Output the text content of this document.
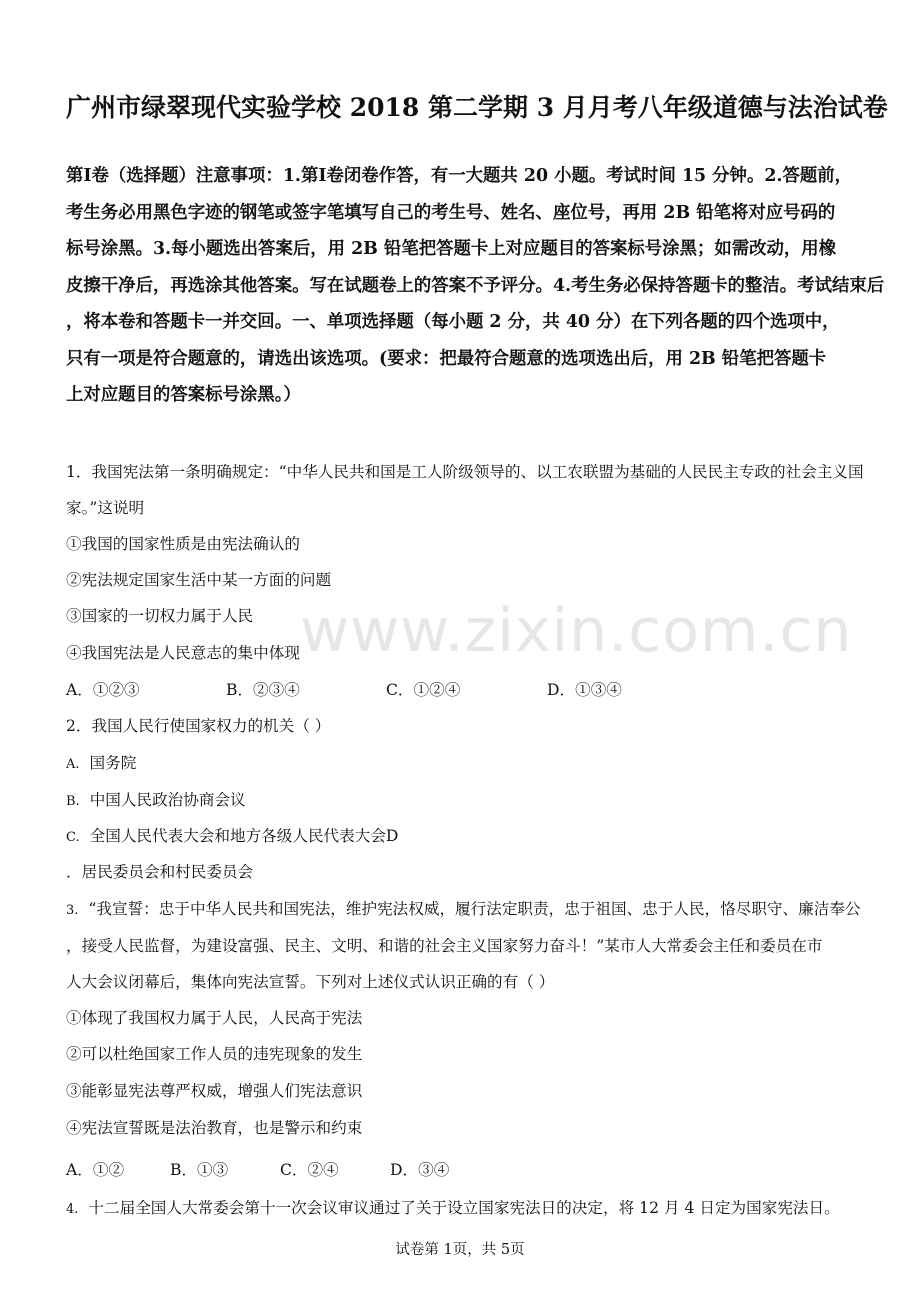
www.zixin.com.cn
广州市绿翠现代实验学校 2018 第二学期 3 月月考八年级道德与法治试卷
第Ⅰ卷（选择题）注意事项：1.第Ⅰ卷闭卷作答，有一大题共 20 小题。考试时间 15 分钟。2.答题前，
考生务必用黑色字迹的钢笔或签字笔填写自己的考生号、姓名、座位号，再用 2B 铅笔将对应号码的
标号涂黑。3.每小题选出答案后，用 2B 铅笔把答题卡上对应题目的答案标号涂黑；如需改动，用橡
皮擦干净后，再选涂其他答案。写在试题卷上的答案不予评分。4.考生务必保持答题卡的整洁。考试结束后
，将本卷和答题卡一并交回。一、单项选择题（每小题 2 分，共 40 分）在下列各题的四个选项中，
只有一项是符合题意的，请选出该选项。(要求：把最符合题意的选项选出后，用 2B 铅笔把答题卡
上对应题目的答案标号涂黑。）
1．我国宪法第一条明确规定：“中华人民共和国是工人阶级领导的、以工农联盟为基础的人民民主专政的社会主义国
家。”这说明
①我国的国家性质是由宪法确认的
②宪法规定国家生活中某一方面的问题
③国家的一切权力属于人民
④我国宪法是人民意志的集中体现
A．①②③	B．②③④	C．①②④	D．①③④
2．我国人民行使国家权力的机关（ ）
A. 国务院
B. 中国人民政治协商会议
C. 全国人民代表大会和地方各级人民代表大会D
．居民委员会和村民委员会
3. “我宣誓：忠于中华人民共和国宪法，维护宪法权威，履行法定职责，忠于祖国、忠于人民，恪尽职守、廉洁奉公
，接受人民监督，为建设富强、民主、文明、和谐的社会主义国家努力奋斗！”某市人大常委会主任和委员在市
人大会议闭幕后，集体向宪法宣誓。下列对上述仪式认识正确的有（ ）
①体现了我国权力属于人民，人民高于宪法
②可以杜绝国家工作人员的违宪现象的发生
③能彰显宪法尊严权威，增强人们宪法意识
④宪法宣誓既是法治教育，也是警示和约束
A．①②	B．①③	C．②④	D．③④
4. 十二届全国人大常委会第十一次会议审议通过了关于设立国家宪法日的决定，将 12 月 4 日定为国家宪法日。
试卷第 1页，共 5页
